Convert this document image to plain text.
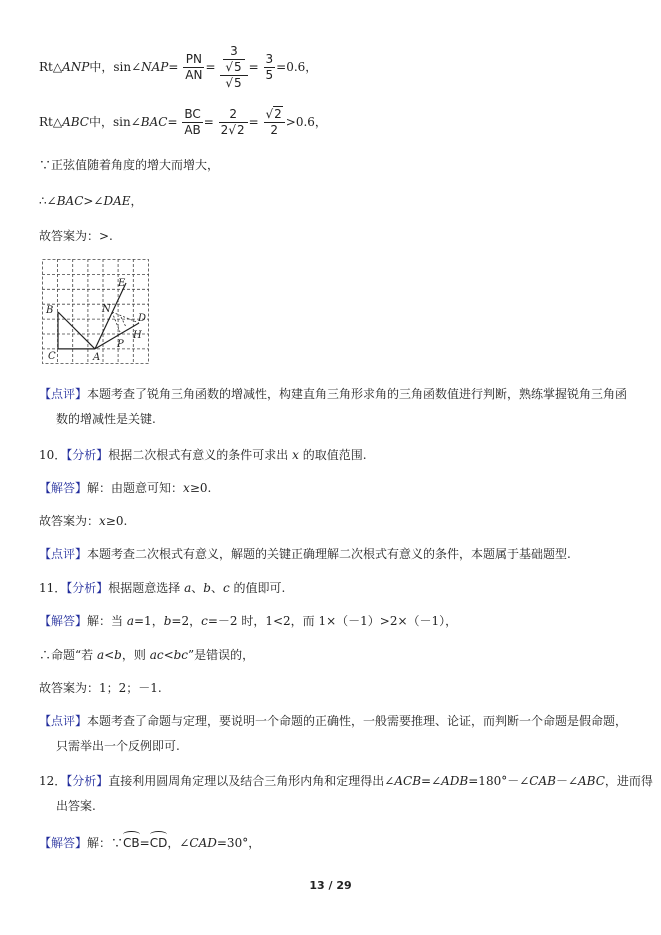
Rt△ANP中，sin∠NAP= $\frac{PN}{AN} = \frac{\frac{3}{√5}}{√5} = \frac{3}{5} =0.6$，
Rt△ABC中，sin∠BAC= $\frac{BC}{AB} = \frac{2}{2√2} = \frac{√2}{2} >0.6$，
∵正弦值随着角度的增大而增大，
∴∠BAC>∠DAE，
故答案为：>.
E
B	N
D
H
P
C	A
【点评】本题考查了锐角三角函数的增减性，构建直角三角形求角的三角函数值进行判断，熟练掌握锐角三角函
数的增减性是关键.
10．【分析】根据二次根式有意义的条件可求出 x 的取值范围.
【解答】解：由题意可知：x≥0.
故答案为：x≥0.
【点评】本题考查二次根式有意义，解题的关键正确理解二次根式有意义的条件，本题属于基础题型.
11．【分析】根据题意选择 a、b、c 的值即可.
【解答】解：当 a=1，b=2，c=－2 时，1<2，而 1×（－1）>2×（－1），
∴命题“若 a<b，则 ac<bc”是错误的，
故答案为：1；2；－1.
【点评】本题考查了命题与定理，要说明一个命题的正确性，一般需要推理、论证，而判断一个命题是假命题，
只需举出一个反例即可.
12．【分析】直接利用圆周角定理以及结合三角形内角和定理得出∠ACB=∠ADB=180°－∠CAB－∠ABC，进而得
出答案.
【解答】解：∵CB=CD，∠CAD=30°，
13 / 29
